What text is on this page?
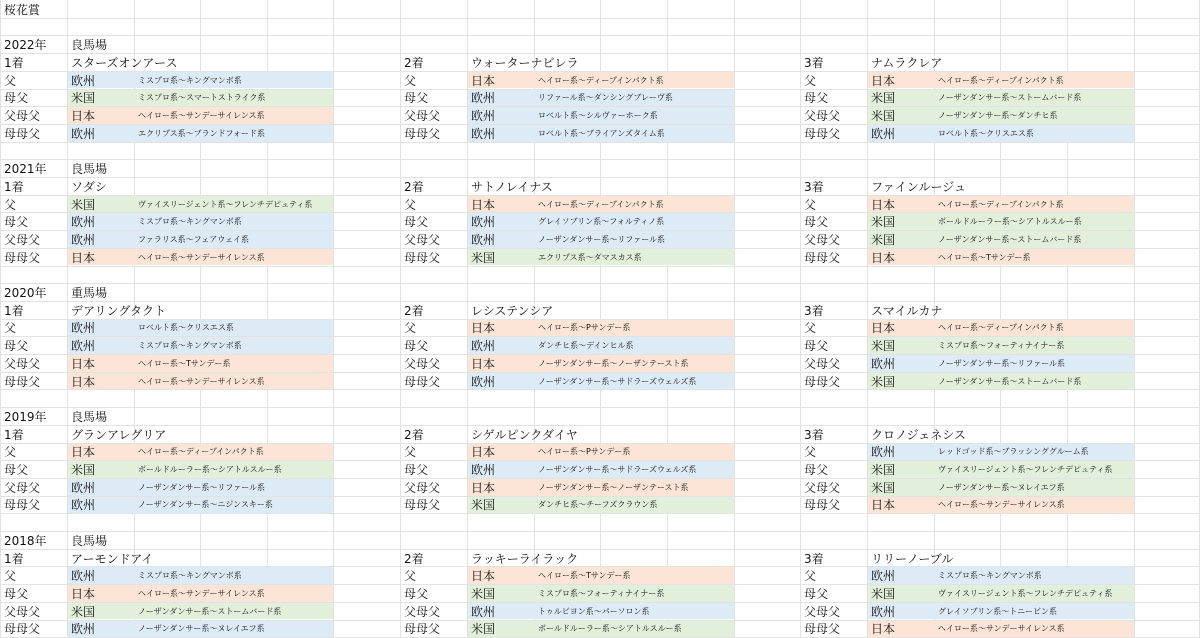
桜花賞
2022年 良馬場
1着	スターズオンアース
父	欧州	ミスプロ系～キングマンボ系
母父	米国	ミスプロ系～スマートストライク系
父母父	日本	ヘイロー系～サンデーサイレンス系
母母父	欧州	エクリプス系～ブランドフォード系
2着	ウォーターナビレラ
父	日本	ヘイロー系～ディープインパクト系
母父	欧州	リファール系～ダンシングブレーヴ系
父母父	欧州	ロベルト系～シルヴァーホーク系
母母父	欧州	ロベルト系～ブライアンズタイム系
3着	ナムラクレア
父	日本	ヘイロー系～ディープインパクト系
母父	米国	ノーザンダンサー系～ストームバード系
父母父	米国	ノーザンダンサー系～ダンチヒ系
母母父	欧州	ロベルト系～クリスエス系
2021年 良馬場
1着	ソダシ
父	米国	ヴァイスリージェント系～フレンチデピュティ系
母父	欧州	ミスプロ系～キングマンボ系
父母父	欧州	ファラリス系～フェアウェイ系
母母父	日本	ヘイロー系～サンデーサイレンス系
2着	サトノレイナス
父	日本	ヘイロー系～ディープインパクト系
母父	欧州	グレイソブリン系～フォルティノ系
父母父	欧州	ノーザンダンサー系～リファール系
母母父	米国	エクリプス系～ダマスカス系
3着	ファインルージュ
父	日本	ヘイロー系～ディープインパクト系
母父	米国	ボールドルーラー系～シアトルスルー系
父母父	米国	ノーザンダンサー系～ストームバード系
母母父	日本	ヘイロー系～Tサンデー系
2020年 重馬場
1着	デアリングタクト
父	欧州	ロベルト系～クリスエス系
母父	欧州	ミスプロ系～キングマンボ系
父母父	日本	ヘイロー系～Tサンデー系
母母父	日本	ヘイロー系～サンデーサイレンス系
2着	レシステンシア
父	日本	ヘイロー系～Pサンデー系
母父	欧州	ダンチヒ系～デインヒル系
父母父	日本	ノーザンダンサー系～ノーザンテースト系
母母父	欧州	ノーザンダンサー系～サドラーズウェルズ系
3着	スマイルカナ
父	日本	ヘイロー系～ディープインパクト系
母父	米国	ミスプロ系～フォーティナイナー系
父母父	欧州	ノーザンダンサー系～リファール系
母母父	米国	ノーザンダンサー系～ストームバード系
2019年 良馬場
1着	グランアレグリア
父	日本	ヘイロー系～ディープインパクト系
母父	米国	ボールドルーラー系～シアトルスルー系
父母父	欧州	ノーザンダンサー系～リファール系
母母父	欧州	ノーザンダンサー系～ニジンスキー系
2着	シゲルピンクダイヤ
父	日本	ヘイロー系～Pサンデー系
母父	欧州	ノーザンダンサー系～サドラーズウェルズ系
父母父	日本	ノーザンダンサー系～ノーザンテースト系
母母父	米国	ダンチヒ系～チーフズクラウン系
3着	クロノジェネシス
父	欧州	レッドゴッド系～ブラッシンググルーム系
母父	米国	ヴァイスリージェント系～フレンチデピュティ系
父母父	米国	ノーザンダンサー系～ヌレイエフ系
母母父	日本	ヘイロー系～サンデーサイレンス系
2018年 良馬場
1着	アーモンドアイ
父	欧州	ミスプロ系～キングマンボ系
母父	日本	ヘイロー系～サンデーサイレンス系
父母父	米国	ノーザンダンサー系～ストームバード系
母母父	欧州	ノーザンダンサー系～ヌレイエフ系
2着	ラッキーライラック
父	日本	ヘイロー系～Tサンデー系
母父	米国	ミスプロ系～フォーティナイナー系
父母父	欧州	トゥルビヨン系～パーソロン系
母母父	米国	ボールドルーラー系～シアトルスルー系
3着	リリーノーブル
父	欧州	ミスプロ系～キングマンボ系
母父	米国	ヴァイスリージェント系～フレンチデピュティ系
父母父	欧州	グレイソブリン系～トニービン系
母母父	日本	ヘイロー系～サンデーサイレンス系
